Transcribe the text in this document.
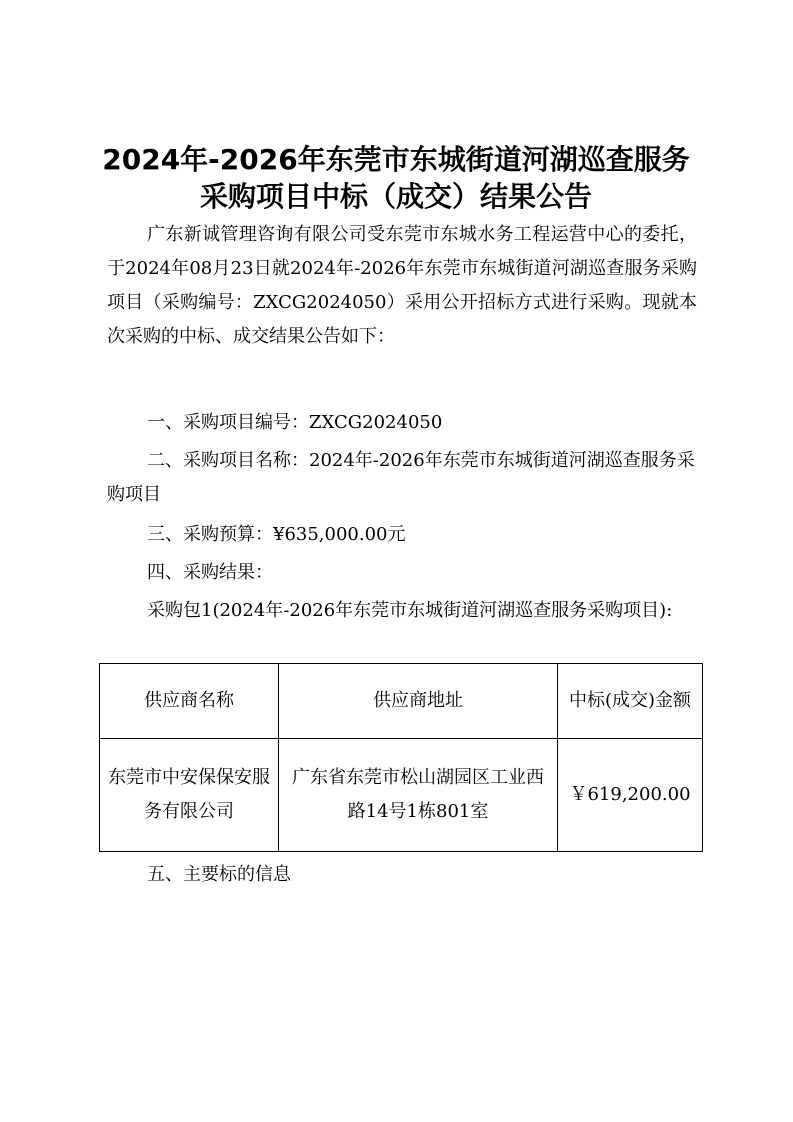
2024年-2026年东莞市东城街道河湖巡查服务
采购项目中标（成交）结果公告

广东新诚管理咨询有限公司受东莞市东城水务工程运营中心的委托，于2024年08月23日就2024年-2026年东莞市东城街道河湖巡查服务采购项目（采购编号：ZXCG2024050）采用公开招标方式进行采购。现就本次采购的中标、成交结果公告如下：

一、采购项目编号：ZXCG2024050

二、采购项目名称：2024年-2026年东莞市东城街道河湖巡查服务采购项目

三、采购预算：¥635,000.00元

四、采购结果：

采购包1(2024年-2026年东莞市东城街道河湖巡查服务采购项目):

供应商名称	供应商地址	中标(成交)金额
东莞市中安保保安服务有限公司	广东省东莞市松山湖园区工业西路14号1栋801室	￥619,200.00

五、主要标的信息
